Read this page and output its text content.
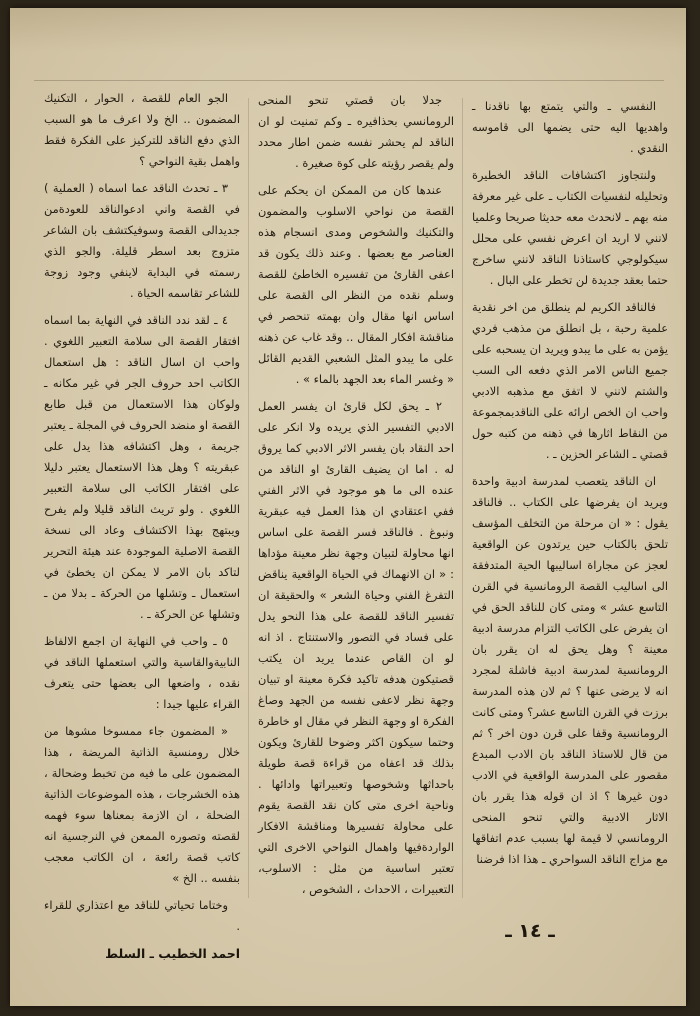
النفسي ـ والتي يتمتع بها ناقدنا ـ واهديها اليه حتى يضمها الى قاموسه النقدي .

ولنتجاوز اكتشافات الناقد الخطيرة وتحليله لنفسيات الكتاب ـ على غير معرفة منه بهم ـ لانحدث معه حديثا صريحا وعلميا لانني لا اريد ان اعرض نفسي على محلل سيكولوجي كاستاذنا الناقد لانني ساخرج حتما بعقد جديدة لن تخطر على البال .

فالناقد الكريم لم ينطلق من اخر نقدية علمية رحبة ، بل انطلق من مذهب فردي يؤمن به على ما يبدو ويريد ان يسحبه على جميع الناس الامر الذي دفعه الى السب والشتم لانني لا اتفق مع مذهبه الادبي واحب ان الخص ارائه على الناقدبمجموعة من النقاط اثارها في ذهنه من كتبه حول قصتي ـ الشاعر الحزين ـ .

ان الناقد يتعصب لمدرسة ادبية واحدة ويريد ان يفرضها على الكتاب .. فالناقد يقول : « ان مرحلة من التخلف المؤسف تلحق بالكتاب حين يرتدون عن الواقعية لعجز عن مجاراة اساليبها الحية المتدفقة الى اساليب القصة الرومانسية في القرن التاسع عشر » ومتى كان للناقد الحق في ان يفرض على الكاتب التزام مدرسة ادبية معينة ؟ وهل يحق له ان يقرر بان الرومانسية لمدرسة ادبية فاشلة لمجرد انه لا يرضى عنها ؟ ثم لان هذه المدرسة برزت في القرن التاسع عشر؟ ومتى كانت الرومانسية وقفا على قرن دون اخر ؟ ثم من قال للاستاذ الناقد بان الادب المبدع مقصور على المدرسة الواقعية في الادب دون غيرها ؟ اذ ان قوله هذا يقرر بان الاثار الادبية والتي تنحو المنحى الرومانسي لا قيمة لها بسبب عدم اتفاقها مع مزاج الناقد السواحري ـ هذا اذا فرضنا

جدلا بان قصتي تنحو المنحى الرومانسي بحذافيره ـ وكم تمنيت لو ان الناقد لم يحشر نفسه ضمن اطار محدد ولم يقصر رؤيته على كوة صغيرة .

عندها كان من الممكن ان يحكم على القصة من نواحي الاسلوب والمضمون والتكنيك والشخوص ومدى انسجام هذه العناصر مع بعضها . وعند ذلك يكون قد اعفى القارئ من تفسيره الخاطئ للقصة وسلم نقده من النظر الى القصة على اساس انها مقال وان بهمته تنحصر في مناقشة افكار المقال .. وقد غاب عن ذهنه على ما يبدو المثل الشعبي القديم القائل « وغسر الماء بعد الجهد بالماء » .

٢ ـ يحق لكل قارئ ان يفسر العمل الادبي التفسير الذي يريده ولا انكر على احد النقاد بان يفسر الاثر الادبي كما يروق له . اما ان يضيف القارئ او الناقد من عنده الى ما هو موجود في الاثر الفني ففي اعتقادي ان هذا العمل فيه عبقرية ونبوغ . فالناقد فسر القصة على اساس انها محاولة لتبيان وجهة نظر معينة مؤداها : « ان الانهماك في الحياة الواقعية يناقض التفرغ الفني وحياة الشعر » والحقيقة ان تفسير الناقد للقصة على هذا النحو يدل على فساد في التصور والاستنتاج . اذ انه لو ان القاص عندما يريد ان يكتب قصتيكون هدفه تاكيد فكرة معينة او تبيان وجهة نظر لاعفى نفسه من الجهد وصاغ الفكرة او وجهة النظر في مقال او خاطرة وحتما سيكون اكثر وضوحا للقارئ ويكون بذلك قد اعفاه من قراءة قصة طويلة باحداثها وشخوصها وتعبيراتها وادائها . وناحية اخرى متى كان نقد القصة يقوم على محاولة تفسيرها ومناقشة الافكار الواردةفيها واهمال النواحي الاخرى التي تعتبر اساسية من مثل : الاسلوب، التعبيرات ، الاحداث ، الشخوص ،

الجو العام للقصة ، الحوار ، التكنيك المضمون .. الخ ولا اعرف ما هو السبب الذي دفع الناقد للتركيز على الفكرة فقط واهمل بقية النواحي ؟

٣ ـ تحدث الناقد عما اسماه ( العملية ) في القصة واني ادعوالناقد للعودةمن جديدالى القصة وسوفيكتشف بان الشاعر متزوج بعد اسطر قليلة. والجو الذي رسمته في البداية لاينفي وجود زوجة للشاعر تقاسمه الحياة .

٤ ـ لقد ندد الناقد في النهاية بما اسماه افتقار القصة الى سلامة التعبير اللغوي . واحب ان اسال الناقد : هل استعمال الكاتب احد حروف الجر في غير مكانه ـ ولوكان هذا الاستعمال من قبل طابع القصة او منضد الحروف في المجلة ـ يعتبر جريمة ، وهل اكتشافه هذا يدل على عبقريته ؟ وهل هذا الاستعمال يعتبر دليلا على افتقار الكاتب الى سلامة التعبير اللغوي . ولو تريث الناقد قليلا ولم يفرح ويبتهج بهذا الاكتشاف وعاد الى نسخة القصة الاصلية الموجودة عند هيئة التحرير لتاكد بان الامر لا يمكن ان يخطئ في استعمال ـ وتشلها من الحركة ـ بدلا من ـ وتشلها عن الحركة ـ .

٥ ـ واحب في النهاية ان اجمع الالفاظ النابيةوالقاسية والتي استعملها الناقد في نقده ، واضعها الى بعضها حتى يتعرف القراء عليها جيدا :

« المضمون جاء ممسوخا مشوها من خلال رومنسية الذاتية المريضة ، هذا المضمون على ما فيه من تخبط وضحالة ، هذه الخشرجات ، هذه الموضوعات الذاتية الضحلة ، ان الازمة بمعناها سوء فهمه لقصته وتصوره الممعن في النرجسية انه كاتب قصة رائعة ، ان الكاتب معجب بنفسه .. الخ »

وختاما تحياتي للناقد مع اعتذاري للقراء .

احمد الخطيب ـ السلط

ـ ١٤ ـ
